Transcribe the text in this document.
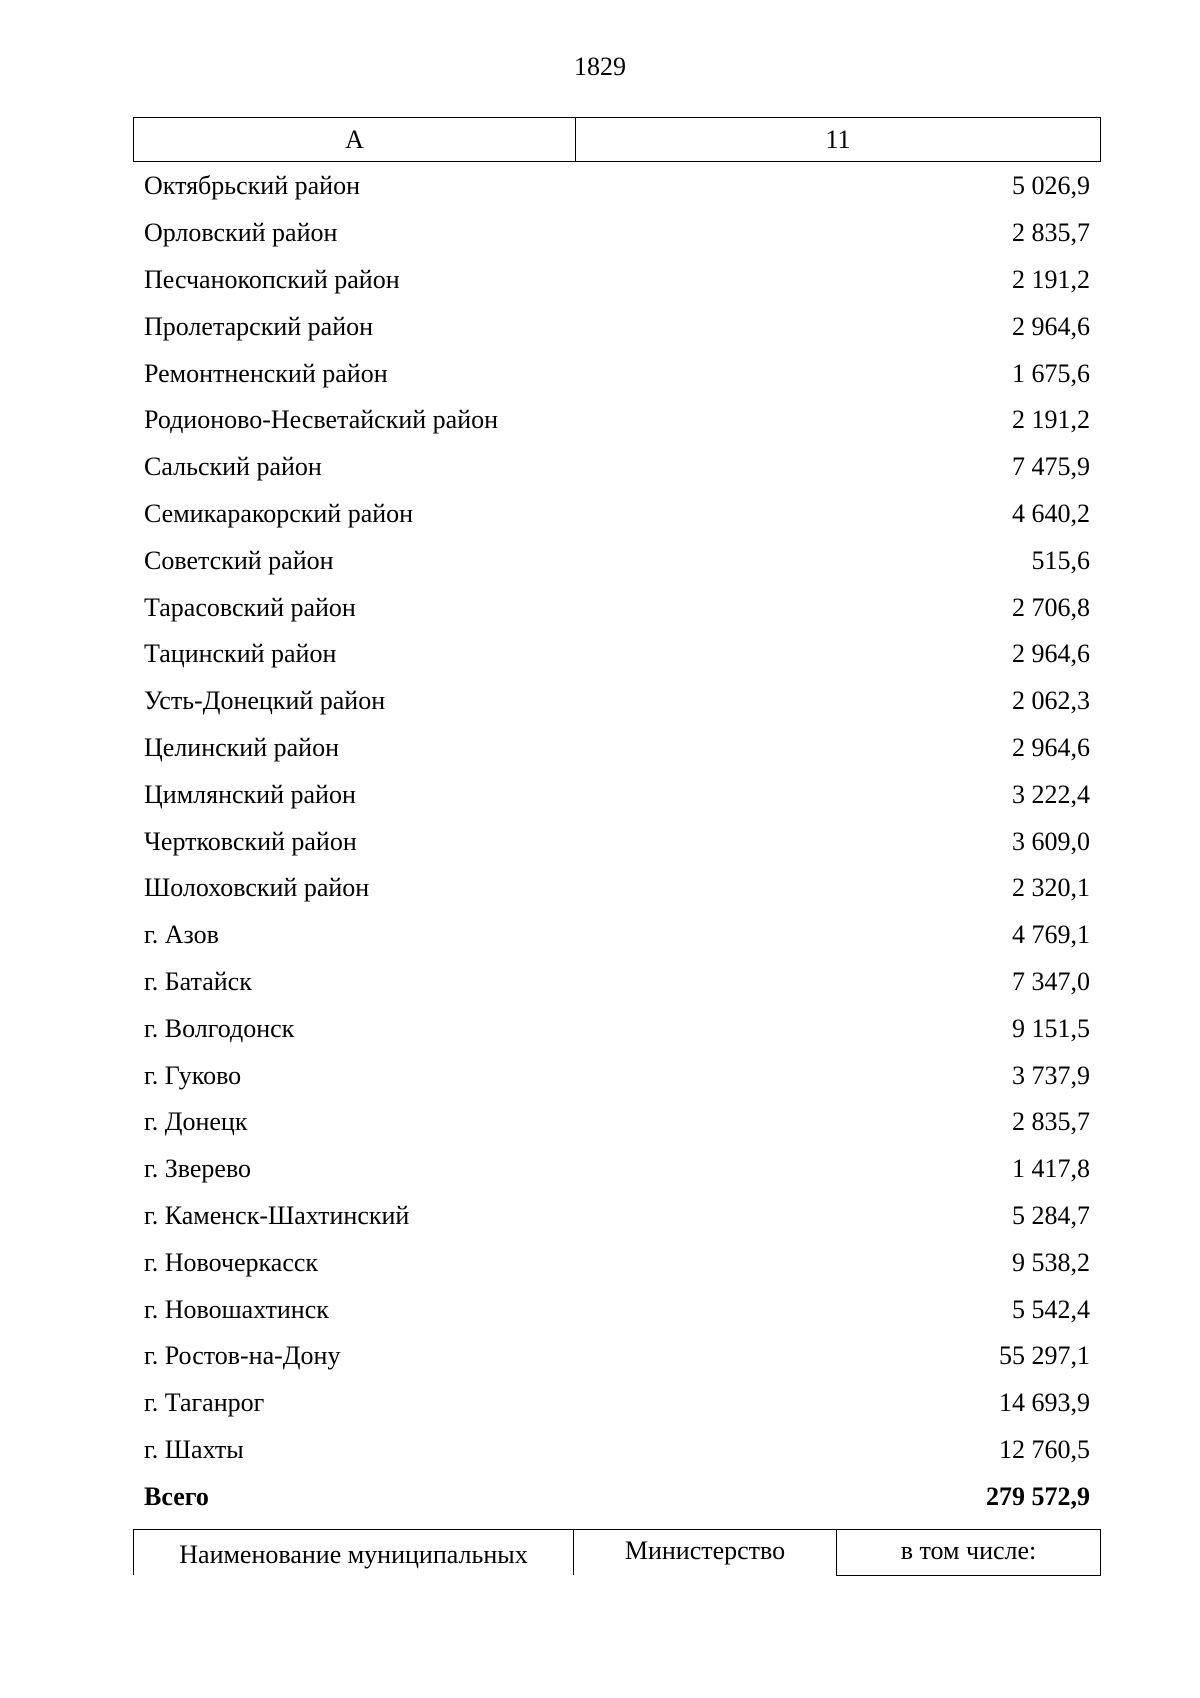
1829
А	11
Октябрьский район	5 026,9
Орловский район	2 835,7
Песчанокопский район	2 191,2
Пролетарский район	2 964,6
Ремонтненский район	1 675,6
Родионово-Несветайский район	2 191,2
Сальский район	7 475,9
Семикаракорский район	4 640,2
Советский район	515,6
Тарасовский район	2 706,8
Тацинский район	2 964,6
Усть-Донецкий район	2 062,3
Целинский район	2 964,6
Цимлянский район	3 222,4
Чертковский район	3 609,0
Шолоховский район	2 320,1
г. Азов	4 769,1
г. Батайск	7 347,0
г. Волгодонск	9 151,5
г. Гуково	3 737,9
г. Донецк	2 835,7
г. Зверево	1 417,8
г. Каменск-Шахтинский	5 284,7
г. Новочеркасск	9 538,2
г. Новошахтинск	5 542,4
г. Ростов-на-Дону	55 297,1
г. Таганрог	14 693,9
г. Шахты	12 760,5
Всего	279 572,9
Наименование муниципальных	Министерство	в том числе:
